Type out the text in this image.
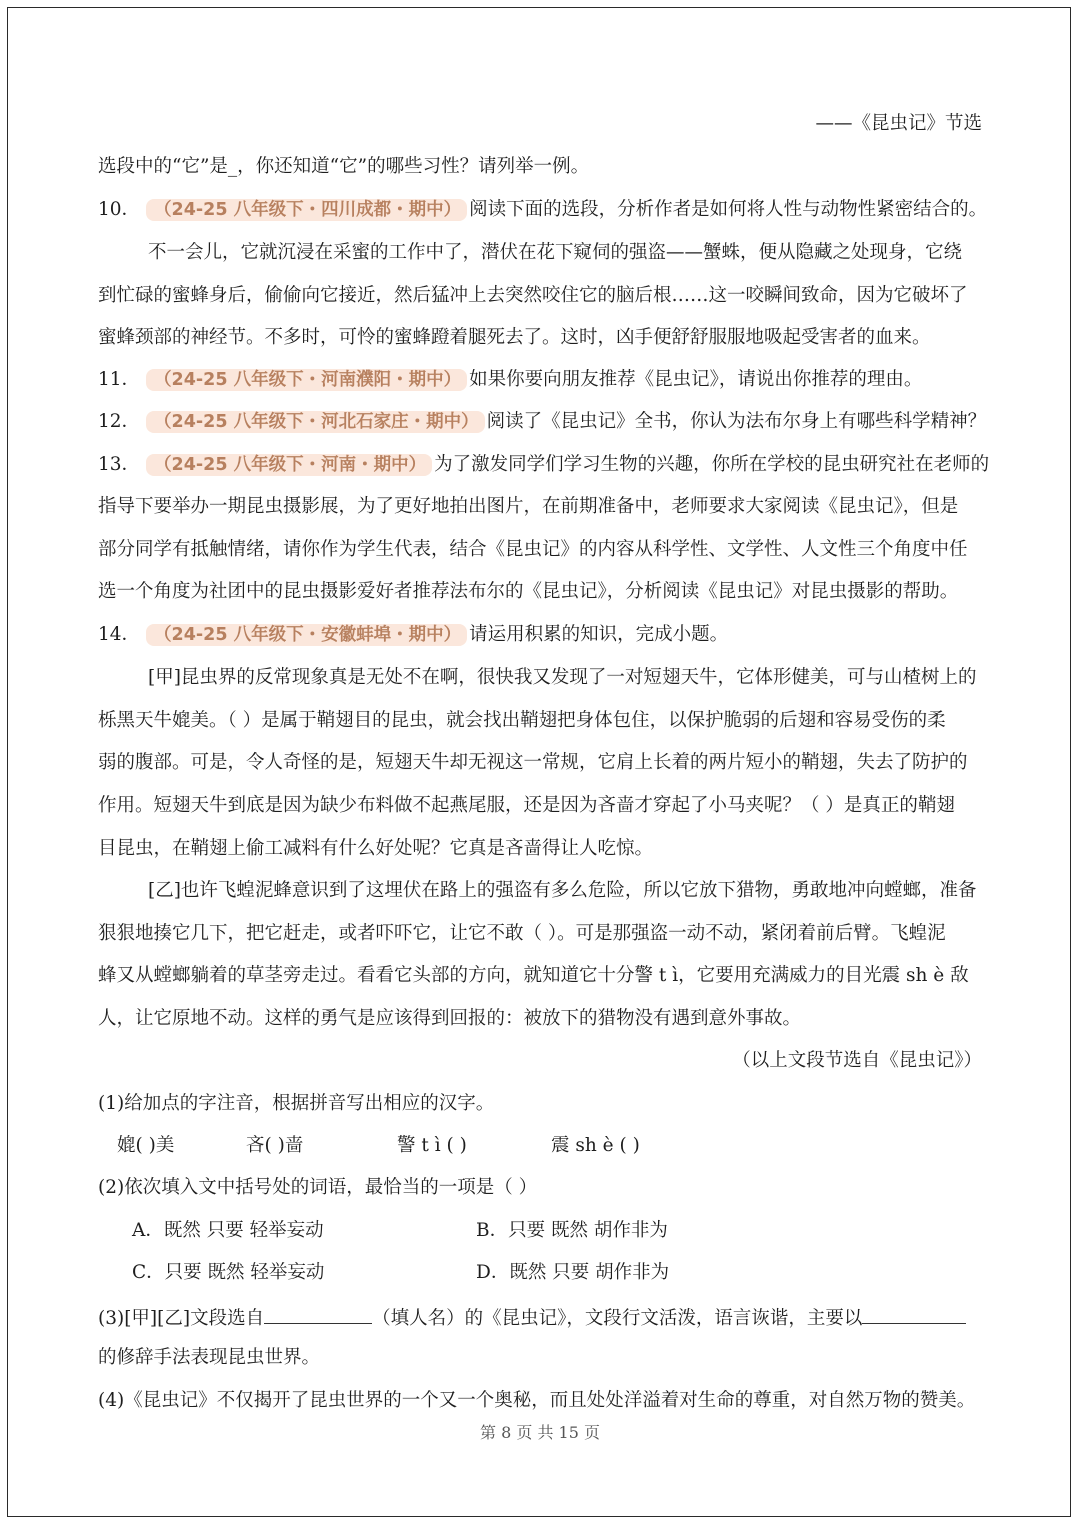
——《昆虫记》节选
选段中的“它”是_，你还知道“它”的哪些习性？请列举一例。
10． （24-25 八年级下・四川成都・期中） 阅读下面的选段，分析作者是如何将人性与动物性紧密结合的。
不一会儿，它就沉浸在采蜜的工作中了，潜伏在花下窥伺的强盗——蟹蛛，便从隐藏之处现身，它绕
到忙碌的蜜蜂身后，偷偷向它接近，然后猛冲上去突然咬住它的脑后根……这一咬瞬间致命，因为它破坏了
蜜蜂颈部的神经节。不多时，可怜的蜜蜂蹬着腿死去了。这时，凶手便舒舒服服地吸起受害者的血来。
11． （24-25 八年级下・河南濮阳・期中） 如果你要向朋友推荐《昆虫记》，请说出你推荐的理由。
12． （24-25 八年级下・河北石家庄・期中） 阅读了《昆虫记》全书，你认为法布尔身上有哪些科学精神？
13． （24-25 八年级下・河南・期中） 为了激发同学们学习生物的兴趣，你所在学校的昆虫研究社在老师的
指导下要举办一期昆虫摄影展，为了更好地拍出图片，在前期准备中，老师要求大家阅读《昆虫记》，但是
部分同学有抵触情绪，请你作为学生代表，结合《昆虫记》的内容从科学性、文学性、人文性三个角度中任
选一个角度为社团中的昆虫摄影爱好者推荐法布尔的《昆虫记》，分析阅读《昆虫记》对昆虫摄影的帮助。
14． （24-25 八年级下・安徽蚌埠・期中） 请运用积累的知识，完成小题。
[甲]昆虫界的反常现象真是无处不在啊，很快我又发现了一对短翅天牛，它体形健美，可与山楂树上的
栎黑天牛媲美。（ ）是属于鞘翅目的昆虫，就会找出鞘翅把身体包住，以保护脆弱的后翅和容易受伤的柔
弱的腹部。可是，令人奇怪的是，短翅天牛却无视这一常规，它肩上长着的两片短小的鞘翅，失去了防护的
作用。短翅天牛到底是因为缺少布料做不起燕尾服，还是因为吝啬才穿起了小马夹呢？（ ）是真正的鞘翅
目昆虫，在鞘翅上偷工减料有什么好处呢？它真是吝啬得让人吃惊。
[乙]也许飞蝗泥蜂意识到了这埋伏在路上的强盗有多么危险，所以它放下猎物，勇敢地冲向螳螂，准备
狠狠地揍它几下，把它赶走，或者吓吓它，让它不敢（ ）。可是那强盗一动不动，紧闭着前后臂。飞蝗泥
蜂又从螳螂躺着的草茎旁走过。看看它头部的方向，就知道它十分警 t ì，它要用充满威力的目光震 sh è 敌
人，让它原地不动。这样的勇气是应该得到回报的：被放下的猎物没有遇到意外事故。
（以上文段节选自《昆虫记》）
(1)给加点的字注音，根据拼音写出相应的汉字。
媲( )美	吝( )啬	警 t ì ( )	震 sh è ( )
(2)依次填入文中括号处的词语，最恰当的一项是（ ）
A．既然 只要 轻举妄动	B．只要 既然 胡作非为
C．只要 既然 轻举妄动	D．既然 只要 胡作非为
(3)[甲][乙]文段选自	（填人名）的《昆虫记》，文段行文活泼，语言诙谐，主要以
的修辞手法表现昆虫世界。
(4)《昆虫记》不仅揭开了昆虫世界的一个又一个奥秘，而且处处洋溢着对生命的尊重，对自然万物的赞美。
第 8 页 共 15 页
